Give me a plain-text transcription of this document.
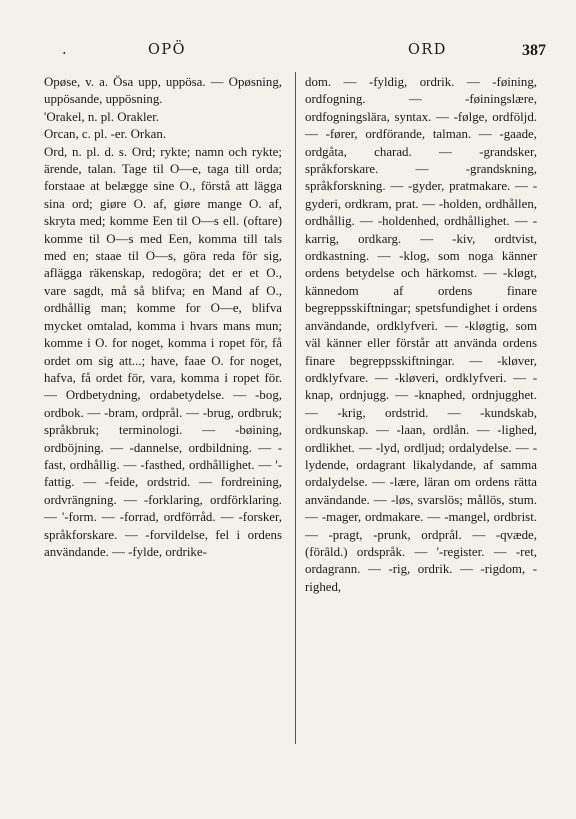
.	OPÖ	ORD	387

Opøse, v. a. Ösa upp, uppösa. — Opøsning, uppösande, uppösning.

'Orakel, n. pl. Orakler.

Orcan, c. pl. -er. Orkan.

Ord, n. pl. d. s. Ord; rykte; namn och rykte; ärende, talan. Tage til O—e, taga till orda; forstaae at belægge sine O., förstå att lägga sina ord; giøre O. af, giøre mange O. af, skryta med; komme Een til O—s ell. (oftare) komme til O—s med Een, komma till tals med en; staae til O—s, göra reda för sig, aflägga räkenskap, redogöra; det er et O., vare sagdt, må så blifva; en Mand af O., ordhållig man; komme for O—e, blifva mycket omtalad, komma i hvars mans mun; komme i O. for noget, komma i ropet för, få ordet om sig att...; have, faae O. for noget, hafva, få ordet för, vara, komma i ropet för. — Ordbetydning, ordabetydelse. — -bog, ordbok. — -bram, ordprål. — -brug, ordbruk; språkbruk; terminologi. — -bøining, ordböjning. — -dannelse, ordbildning. — -fast, ordhållig. — -fasthed, ordhållighet. — '-fattig. — -feide, ordstrid. — fordreining, ordvrängning. — -forklaring, ordförklaring. — '-form. — -forrad, ordförråd. — -forsker, språkforskare. — -forvildelse, fel i ordens användande. — -fylde, ordrike-

dom. — -fyldig, ordrik. — -føining, ordfogning. — -føiningslære, ordfogningslära, syntax. — -følge, ordföljd. — -fører, ordförande, talman. — -gaade, ordgåta, charad. — -grandsker, språkforskare. — -grandskning, språkforskning. — -gyder, pratmakare. — -gyderi, ordkram, prat. — -holden, ordhållen, ordhållig. — -holdenhed, ordhållighet. — -karrig, ordkarg. — -kiv, ordtvist, ordkastning. — -klog, som noga känner ordens betydelse och härkomst. — -kløgt, kännedom af ordens finare begreppsskiftningar; spetsfundighet i ordens användande, ordklyfveri. — -kløgtig, som väl känner eller förstår att använda ordens finare begreppsskiftningar. — -kløver, ordklyfvare. — -kløveri, ordklyfveri. — -knap, ordnjugg. — -knaphed, ordnjugghet. — -krig, ordstrid. — -kundskab, ordkunskap. — -laan, ordlån. — -lighed, ordlikhet. — -lyd, ordljud; ordalydelse. — -lydende, ordagrant likalydande, af samma ordalydelse. — -lære, läran om ordens rätta användande. — -løs, svarslös; mållös, stum. — -mager, ordmakare. — -mangel, ordbrist. — -pragt, -prunk, ordprål. — -qvæde, (förâld.) ordspråk. — '-register. — -ret, ordagrann. — -rig, ordrik. — -rigdom, -righed,
